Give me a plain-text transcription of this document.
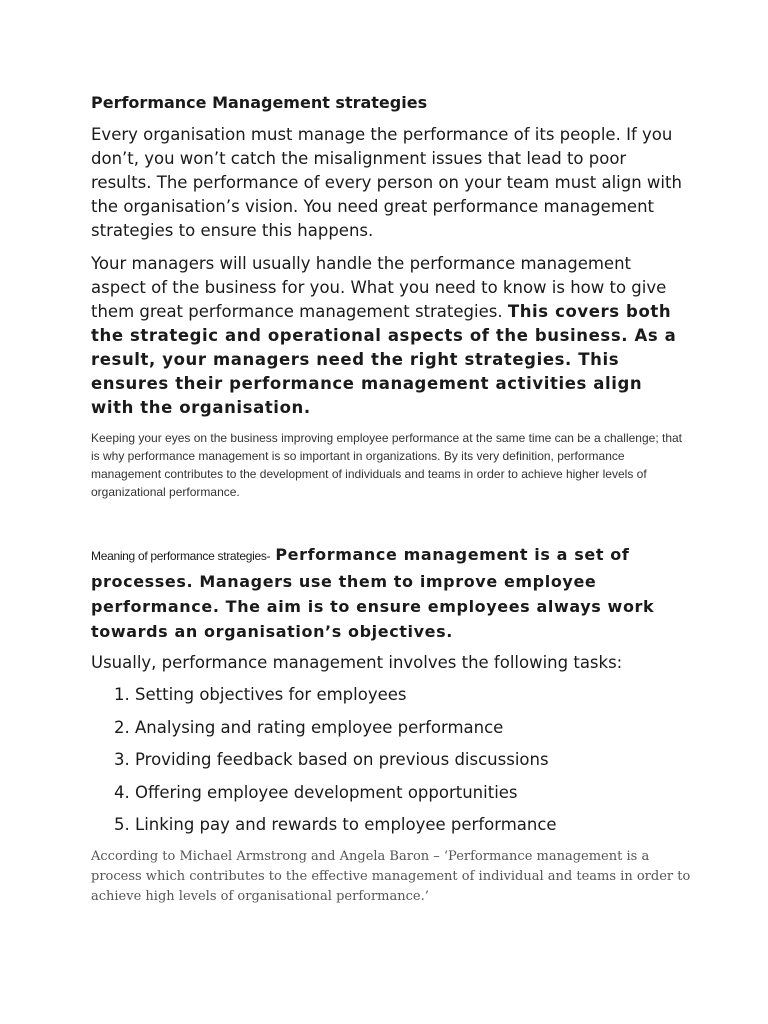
Performance Management strategies

Every organisation must manage the performance of its people. If you don’t, you won’t catch the misalignment issues that lead to poor results. The performance of every person on your team must align with the organisation’s vision. You need great performance management strategies to ensure this happens.

Your managers will usually handle the performance management aspect of the business for you. What you need to know is how to give them great performance management strategies. This covers both the strategic and operational aspects of the business. As a result, your managers need the right strategies. This ensures their performance management activities align with the organisation.

Keeping your eyes on the business improving employee performance at the same time can be a challenge; that is why performance management is so important in organizations. By its very definition, performance management contributes to the development of individuals and teams in order to achieve higher levels of organizational performance.

Meaning of performance strategies- Performance management is a set of processes. Managers use them to improve employee performance. The aim is to ensure employees always work towards an organisation’s objectives.

Usually, performance management involves the following tasks:

1. Setting objectives for employees
2. Analysing and rating employee performance
3. Providing feedback based on previous discussions
4. Offering employee development opportunities
5. Linking pay and rewards to employee performance

According to Michael Armstrong and Angela Baron – ‘Performance management is a process which contributes to the effective management of individual and teams in order to achieve high levels of organisational performance.’
